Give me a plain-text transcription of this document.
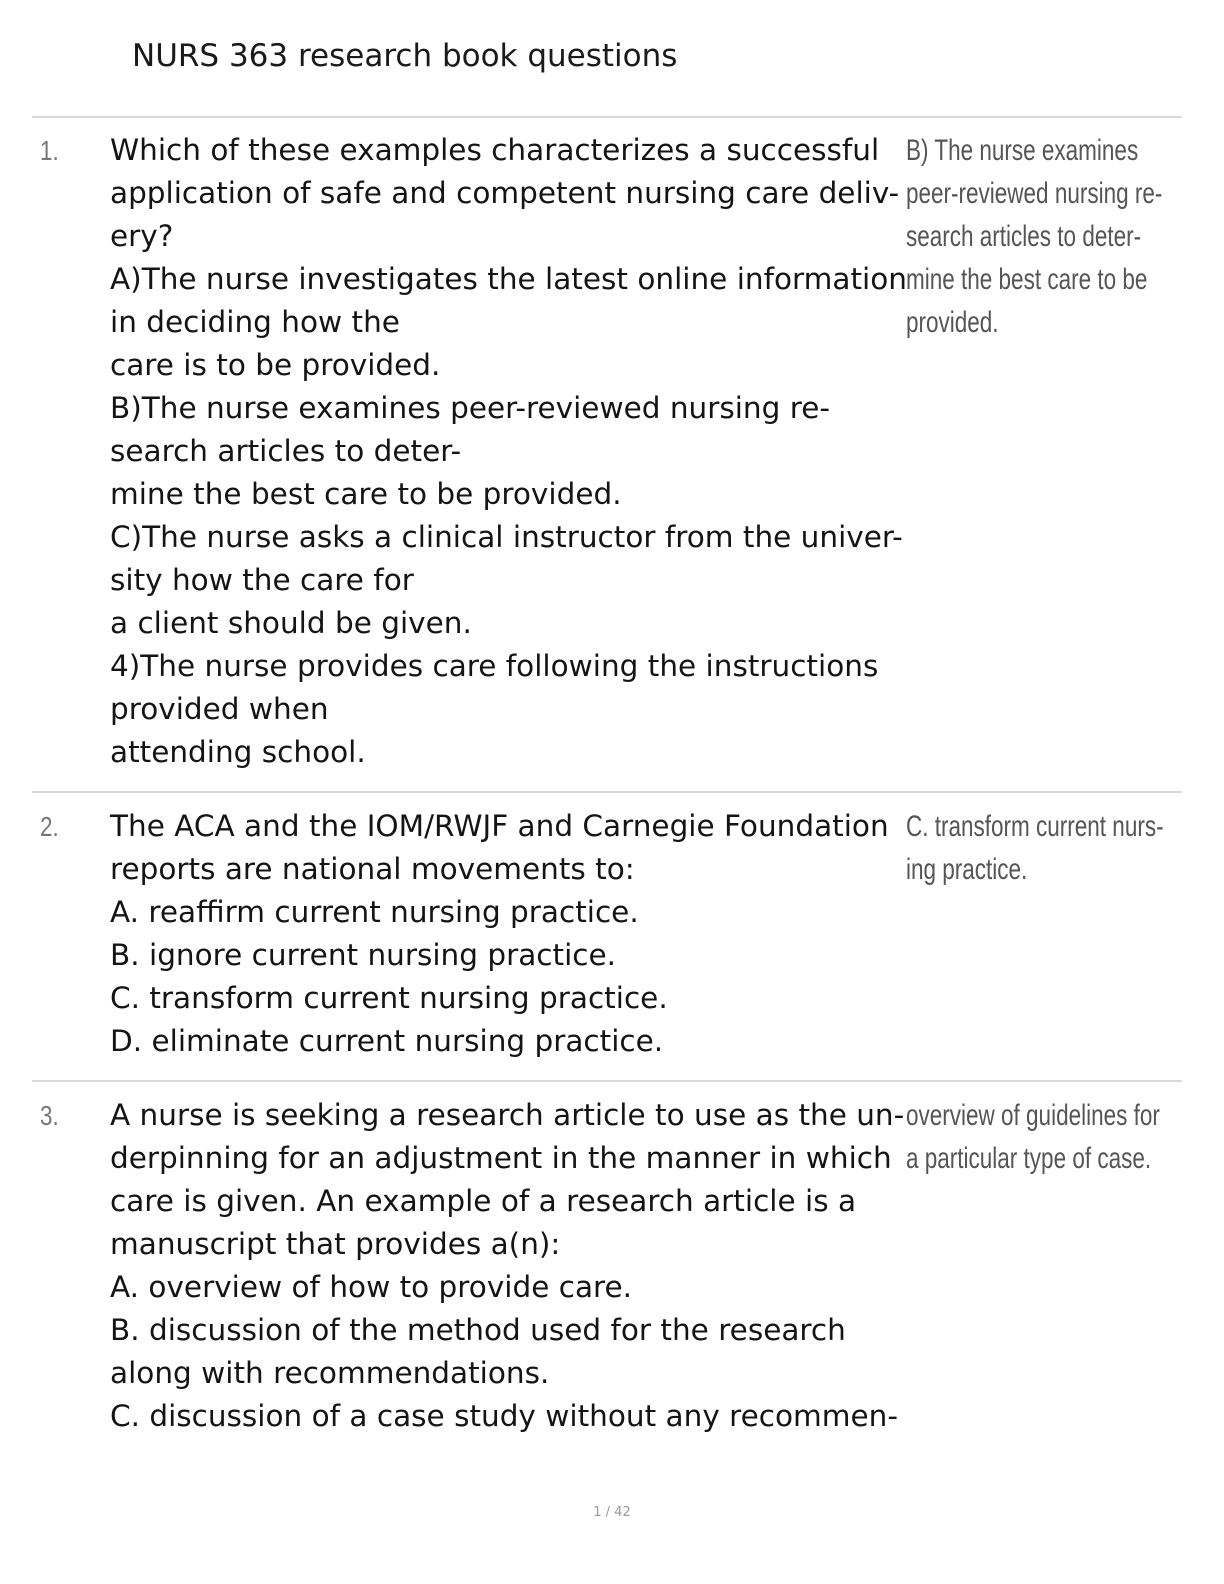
NURS 363 research book questions
1. Which of these examples characterizes a successful
application of safe and competent nursing care deliv-
ery?
A)The nurse investigates the latest online information
in deciding how the
care is to be provided.
B)The nurse examines peer-reviewed nursing re-
search articles to deter-
mine the best care to be provided.
C)The nurse asks a clinical instructor from the univer-
sity how the care for
a client should be given.
4)The nurse provides care following the instructions
provided when
attending school.
B) The nurse examines
peer-reviewed nursing re-
search articles to deter-
mine the best care to be
provided.
2. The ACA and the IOM/RWJF and Carnegie Foundation
reports are national movements to:
A. reaffirm current nursing practice.
B. ignore current nursing practice.
C. transform current nursing practice.
D. eliminate current nursing practice.
C. transform current nurs-
ing practice.
3. A nurse is seeking a research article to use as the un-
derpinning for an adjustment in the manner in which
care is given. An example of a research article is a
manuscript that provides a(n):
A. overview of how to provide care.
B. discussion of the method used for the research
along with recommendations.
C. discussion of a case study without any recommen-
overview of guidelines for
a particular type of case.
1 / 42
